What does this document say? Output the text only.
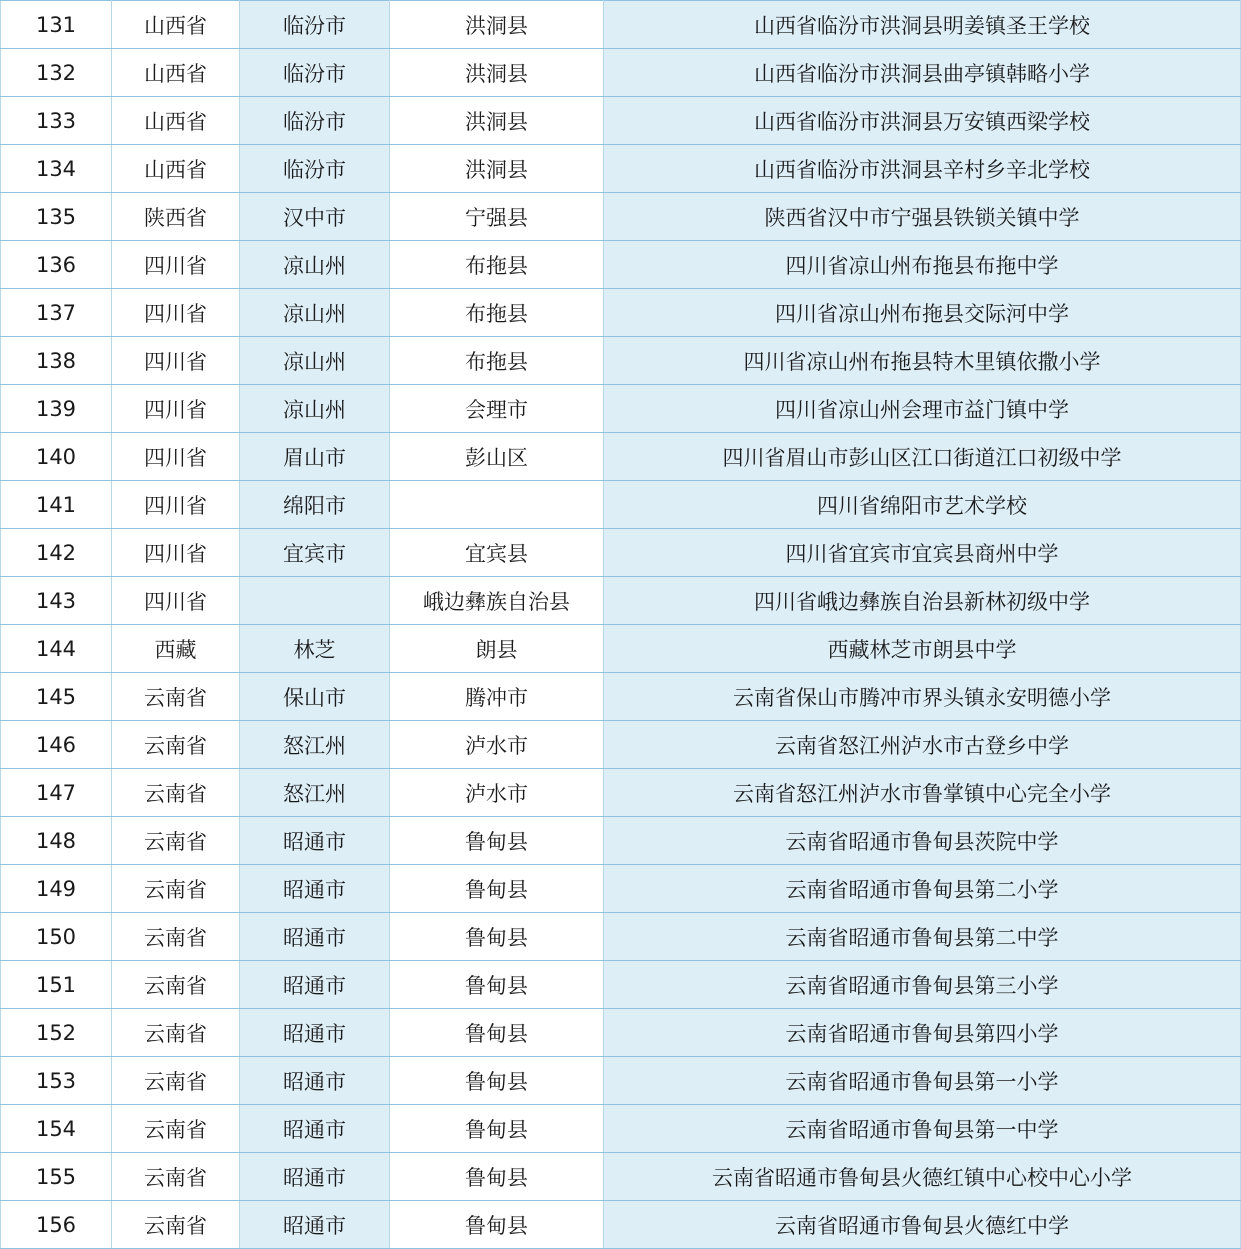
131	山西省	临汾市	洪洞县	山西省临汾市洪洞县明姜镇圣王学校
132	山西省	临汾市	洪洞县	山西省临汾市洪洞县曲亭镇韩略小学
133	山西省	临汾市	洪洞县	山西省临汾市洪洞县万安镇西梁学校
134	山西省	临汾市	洪洞县	山西省临汾市洪洞县辛村乡辛北学校
135	陕西省	汉中市	宁强县	陕西省汉中市宁强县铁锁关镇中学
136	四川省	凉山州	布拖县	四川省凉山州布拖县布拖中学
137	四川省	凉山州	布拖县	四川省凉山州布拖县交际河中学
138	四川省	凉山州	布拖县	四川省凉山州布拖县特木里镇依撒小学
139	四川省	凉山州	会理市	四川省凉山州会理市益门镇中学
140	四川省	眉山市	彭山区	四川省眉山市彭山区江口街道江口初级中学
141	四川省	绵阳市		四川省绵阳市艺术学校
142	四川省	宜宾市	宜宾县	四川省宜宾市宜宾县商州中学
143	四川省		峨边彝族自治县	四川省峨边彝族自治县新林初级中学
144	西藏	林芝	朗县	西藏林芝市朗县中学
145	云南省	保山市	腾冲市	云南省保山市腾冲市界头镇永安明德小学
146	云南省	怒江州	泸水市	云南省怒江州泸水市古登乡中学
147	云南省	怒江州	泸水市	云南省怒江州泸水市鲁掌镇中心完全小学
148	云南省	昭通市	鲁甸县	云南省昭通市鲁甸县茨院中学
149	云南省	昭通市	鲁甸县	云南省昭通市鲁甸县第二小学
150	云南省	昭通市	鲁甸县	云南省昭通市鲁甸县第二中学
151	云南省	昭通市	鲁甸县	云南省昭通市鲁甸县第三小学
152	云南省	昭通市	鲁甸县	云南省昭通市鲁甸县第四小学
153	云南省	昭通市	鲁甸县	云南省昭通市鲁甸县第一小学
154	云南省	昭通市	鲁甸县	云南省昭通市鲁甸县第一中学
155	云南省	昭通市	鲁甸县	云南省昭通市鲁甸县火德红镇中心校中心小学
156	云南省	昭通市	鲁甸县	云南省昭通市鲁甸县火德红中学
